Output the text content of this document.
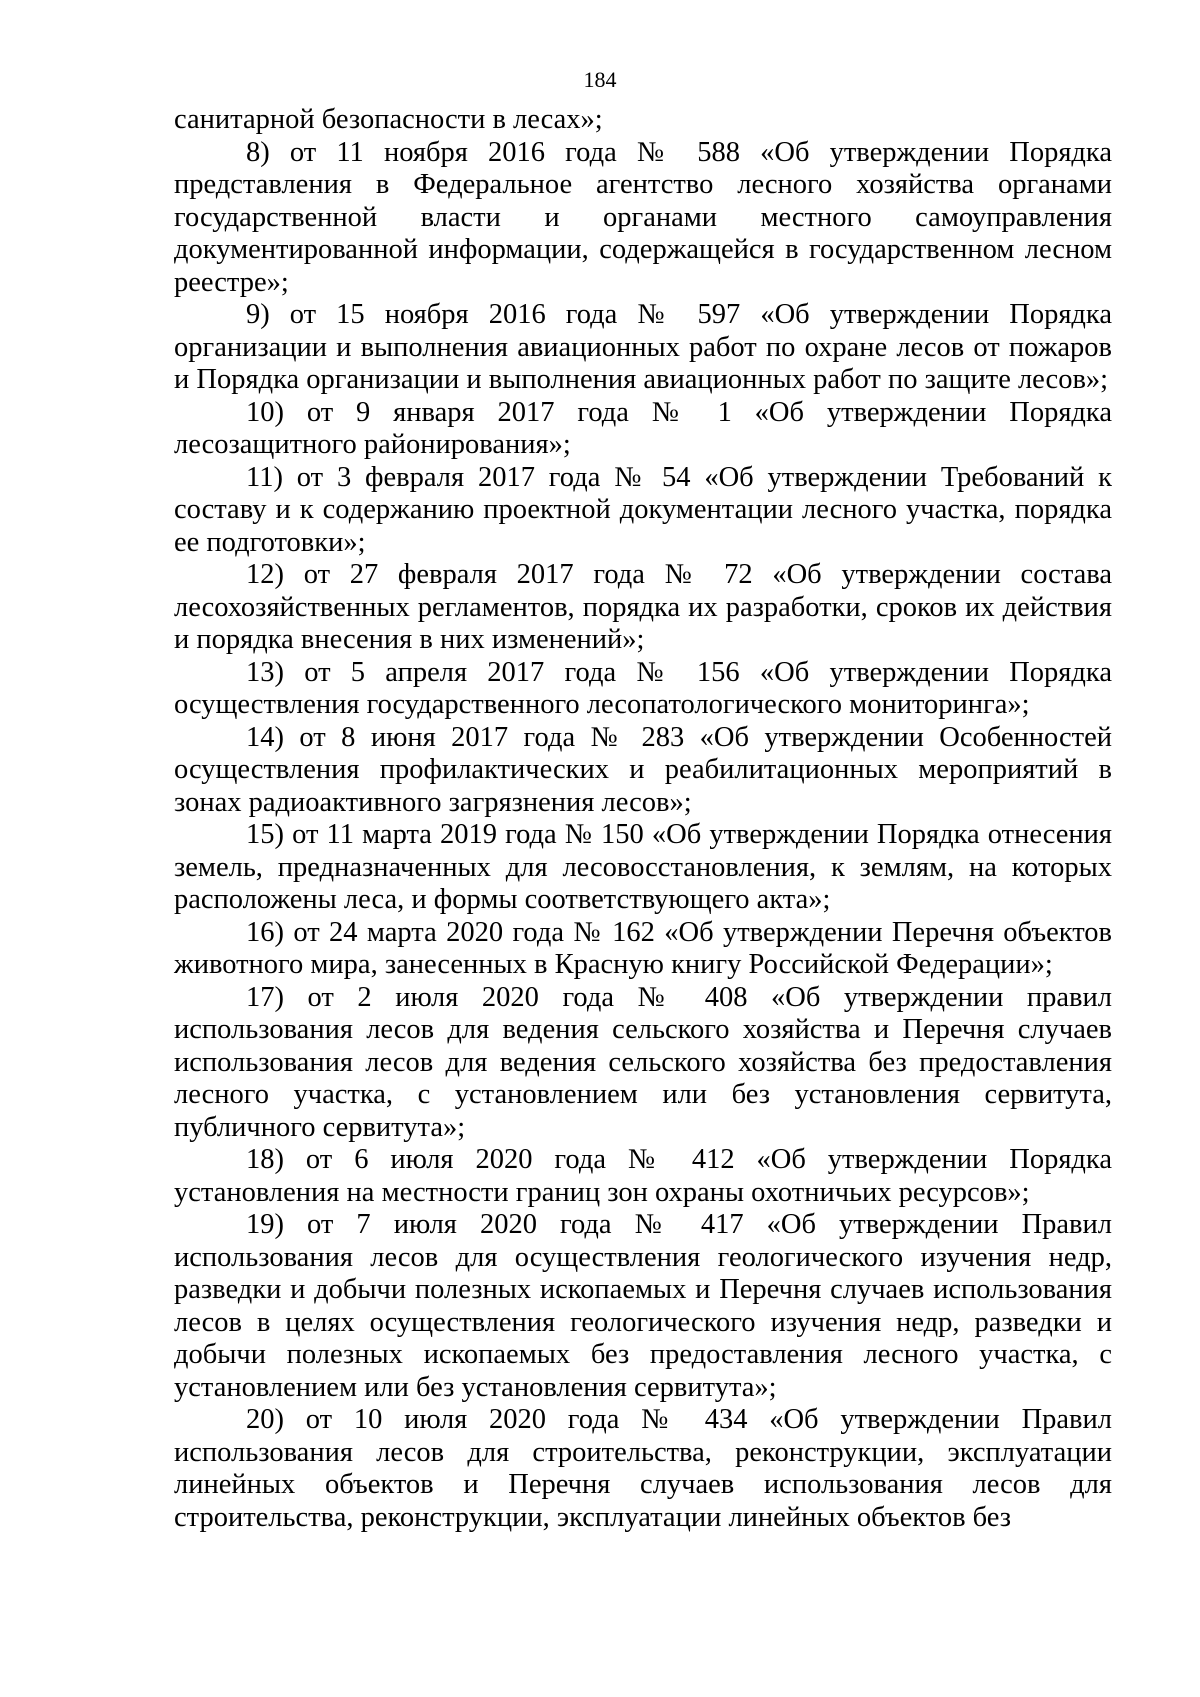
184

санитарной безопасности в лесах»;

8) от 11 ноября 2016 года № 588 «Об утверждении Порядка представления в Федеральное агентство лесного хозяйства органами государственной власти и органами местного самоуправления документированной информации, содержащейся в государственном лесном реестре»;

9) от 15 ноября 2016 года № 597 «Об утверждении Порядка организации и выполнения авиационных работ по охране лесов от пожаров и Порядка организации и выполнения авиационных работ по защите лесов»;

10) от 9 января 2017 года № 1 «Об утверждении Порядка лесозащитного районирования»;

11) от 3 февраля 2017 года № 54 «Об утверждении Требований к составу и к содержанию проектной документации лесного участка, порядка ее подготовки»;

12) от 27 февраля 2017 года № 72 «Об утверждении состава лесохозяйственных регламентов, порядка их разработки, сроков их действия и порядка внесения в них изменений»;

13) от 5 апреля 2017 года № 156 «Об утверждении Порядка осуществления государственного лесопатологического мониторинга»;

14) от 8 июня 2017 года № 283 «Об утверждении Особенностей осуществления профилактических и реабилитационных мероприятий в зонах радиоактивного загрязнения лесов»;

15) от 11 марта 2019 года № 150 «Об утверждении Порядка отнесения земель, предназначенных для лесовосстановления, к землям, на которых расположены леса, и формы соответствующего акта»;

16) от 24 марта 2020 года № 162 «Об утверждении Перечня объектов животного мира, занесенных в Красную книгу Российской Федерации»;

17) от 2 июля 2020 года № 408 «Об утверждении правил использования лесов для ведения сельского хозяйства и Перечня случаев использования лесов для ведения сельского хозяйства без предоставления лесного участка, с установлением или без установления сервитута, публичного сервитута»;

18) от 6 июля 2020 года № 412 «Об утверждении Порядка установления на местности границ зон охраны охотничьих ресурсов»;

19) от 7 июля 2020 года № 417 «Об утверждении Правил использования лесов для осуществления геологического изучения недр, разведки и добычи полезных ископаемых и Перечня случаев использования лесов в целях осуществления геологического изучения недр, разведки и добычи полезных ископаемых без предоставления лесного участка, с установлением или без установления сервитута»;

20) от 10 июля 2020 года № 434 «Об утверждении Правил использования лесов для строительства, реконструкции, эксплуатации линейных объектов и Перечня случаев использования лесов для строительства, реконструкции, эксплуатации линейных объектов без
